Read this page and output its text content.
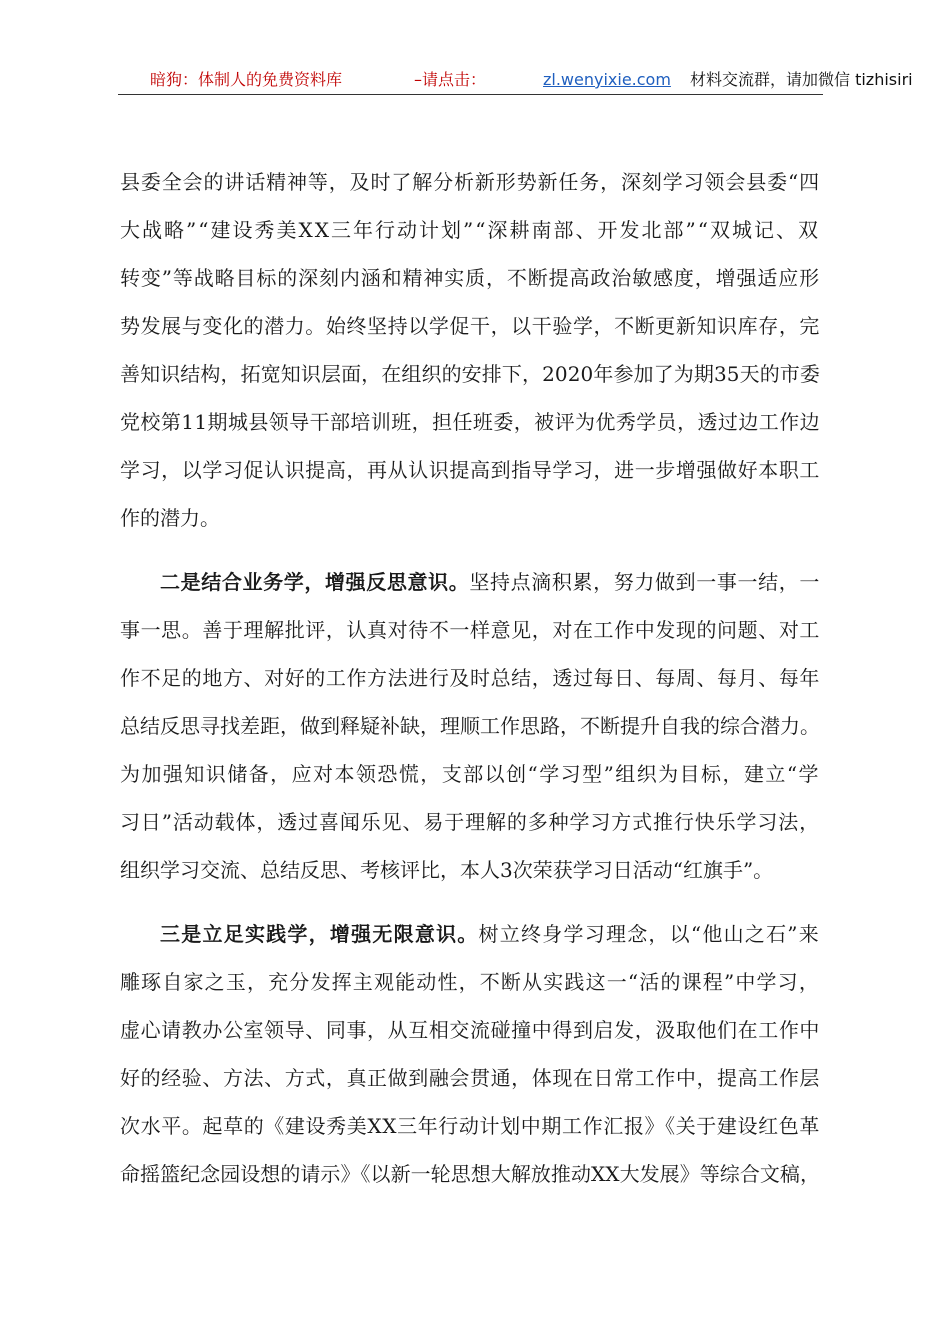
暗狗：体制人的免费资料库	–请点击：	zl.wenyixie.com 材料交流群，请加微信 tizhisiri
县委全会的讲话精神等，及时了解分析新形势新任务，深刻学习领会县委“四
大战略”“建设秀美XX三年行动计划”“深耕南部、开发北部”“双城记、双
转变”等战略目标的深刻内涵和精神实质，不断提高政治敏感度，增强适应形
势发展与变化的潜力。始终坚持以学促干，以干验学，不断更新知识库存，完
善知识结构，拓宽知识层面，在组织的安排下，2020年参加了为期35天的市委
党校第11期城县领导干部培训班，担任班委，被评为优秀学员，透过边工作边
学习，以学习促认识提高，再从认识提高到指导学习，进一步增强做好本职工
作的潜力。
二是结合业务学，增强反思意识。坚持点滴积累，努力做到一事一结，一
事一思。善于理解批评，认真对待不一样意见，对在工作中发现的问题、对工
作不足的地方、对好的工作方法进行及时总结，透过每日、每周、每月、每年
总结反思寻找差距，做到释疑补缺，理顺工作思路，不断提升自我的综合潜力。
为加强知识储备，应对本领恐慌，支部以创“学习型”组织为目标，建立“学
习日”活动载体，透过喜闻乐见、易于理解的多种学习方式推行快乐学习法，
组织学习交流、总结反思、考核评比，本人3次荣获学习日活动“红旗手”。
三是立足实践学，增强无限意识。树立终身学习理念，以“他山之石”来
雕琢自家之玉，充分发挥主观能动性，不断从实践这一“活的课程”中学习，
虚心请教办公室领导、同事，从互相交流碰撞中得到启发，汲取他们在工作中
好的经验、方法、方式，真正做到融会贯通，体现在日常工作中，提高工作层
次水平。起草的《建设秀美XX三年行动计划中期工作汇报》《关于建设红色革
命摇篮纪念园设想的请示》《以新一轮思想大解放推动XX大发展》等综合文稿，
